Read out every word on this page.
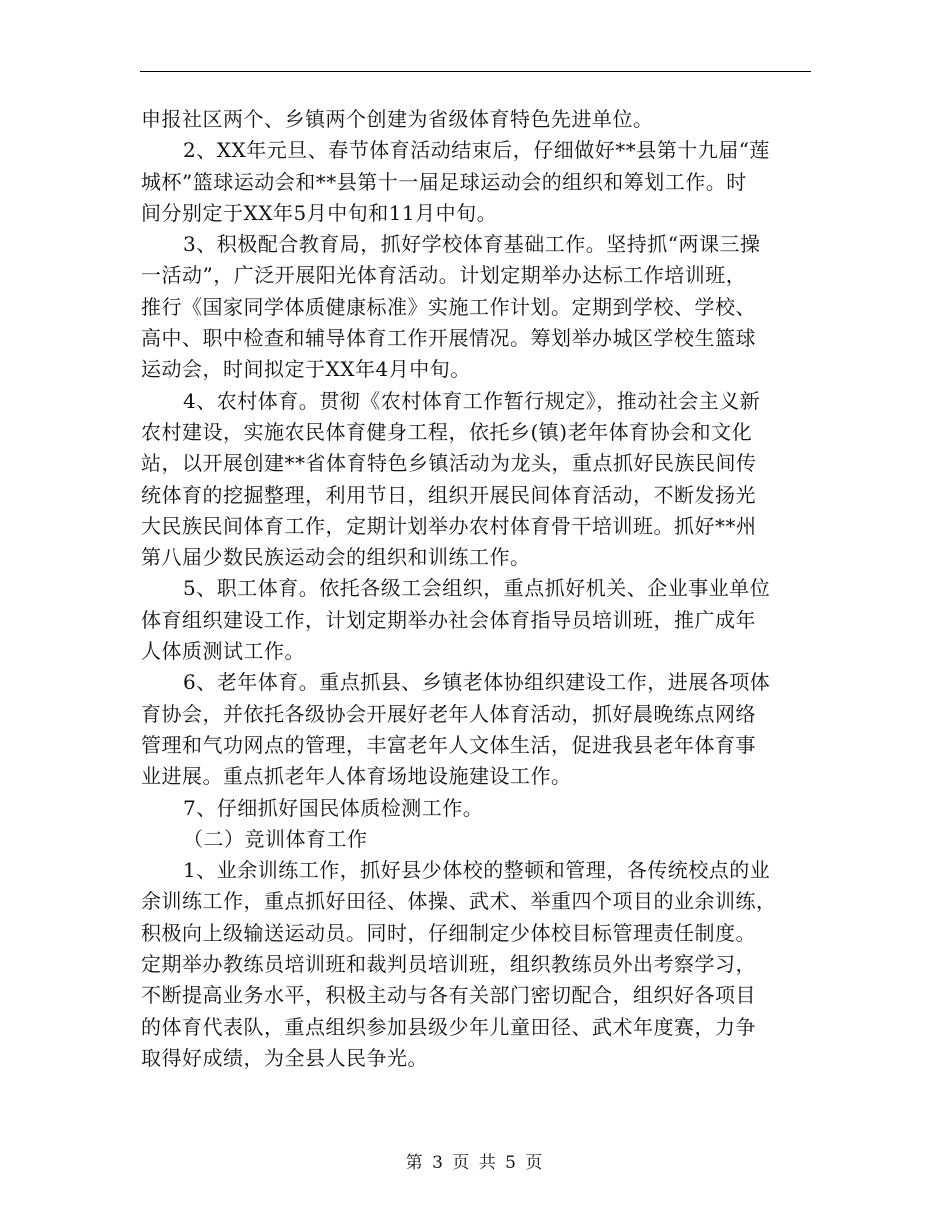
申报社区两个、乡镇两个创建为省级体育特色先进单位。
2、XX年元旦、春节体育活动结束后，仔细做好**县第十九届“莲
城杯”篮球运动会和**县第十一届足球运动会的组织和筹划工作。时
间分别定于XX年5月中旬和11月中旬。
3、积极配合教育局，抓好学校体育基础工作。坚持抓“两课三操
一活动”，广泛开展阳光体育活动。计划定期举办达标工作培训班，
推行《国家同学体质健康标准》实施工作计划。定期到学校、学校、
高中、职中检查和辅导体育工作开展情况。筹划举办城区学校生篮球
运动会，时间拟定于XX年4月中旬。
4、农村体育。贯彻《农村体育工作暂行规定》，推动社会主义新
农村建设，实施农民体育健身工程，依托乡(镇)老年体育协会和文化
站，以开展创建**省体育特色乡镇活动为龙头，重点抓好民族民间传
统体育的挖掘整理，利用节日，组织开展民间体育活动，不断发扬光
大民族民间体育工作，定期计划举办农村体育骨干培训班。抓好**州
第八届少数民族运动会的组织和训练工作。
5、职工体育。依托各级工会组织，重点抓好机关、企业事业单位
体育组织建设工作，计划定期举办社会体育指导员培训班，推广成年
人体质测试工作。
6、老年体育。重点抓县、乡镇老体协组织建设工作，进展各项体
育协会，并依托各级协会开展好老年人体育活动，抓好晨晚练点网络
管理和气功网点的管理，丰富老年人文体生活，促进我县老年体育事
业进展。重点抓老年人体育场地设施建设工作。
7、仔细抓好国民体质检测工作。
（二）竞训体育工作
1、业余训练工作，抓好县少体校的整顿和管理，各传统校点的业
余训练工作，重点抓好田径、体操、武术、举重四个项目的业余训练，
积极向上级输送运动员。同时，仔细制定少体校目标管理责任制度。
定期举办教练员培训班和裁判员培训班，组织教练员外出考察学习，
不断提高业务水平，积极主动与各有关部门密切配合，组织好各项目
的体育代表队，重点组织参加县级少年儿童田径、武术年度赛，力争
取得好成绩，为全县人民争光。
第 3 页 共 5 页
